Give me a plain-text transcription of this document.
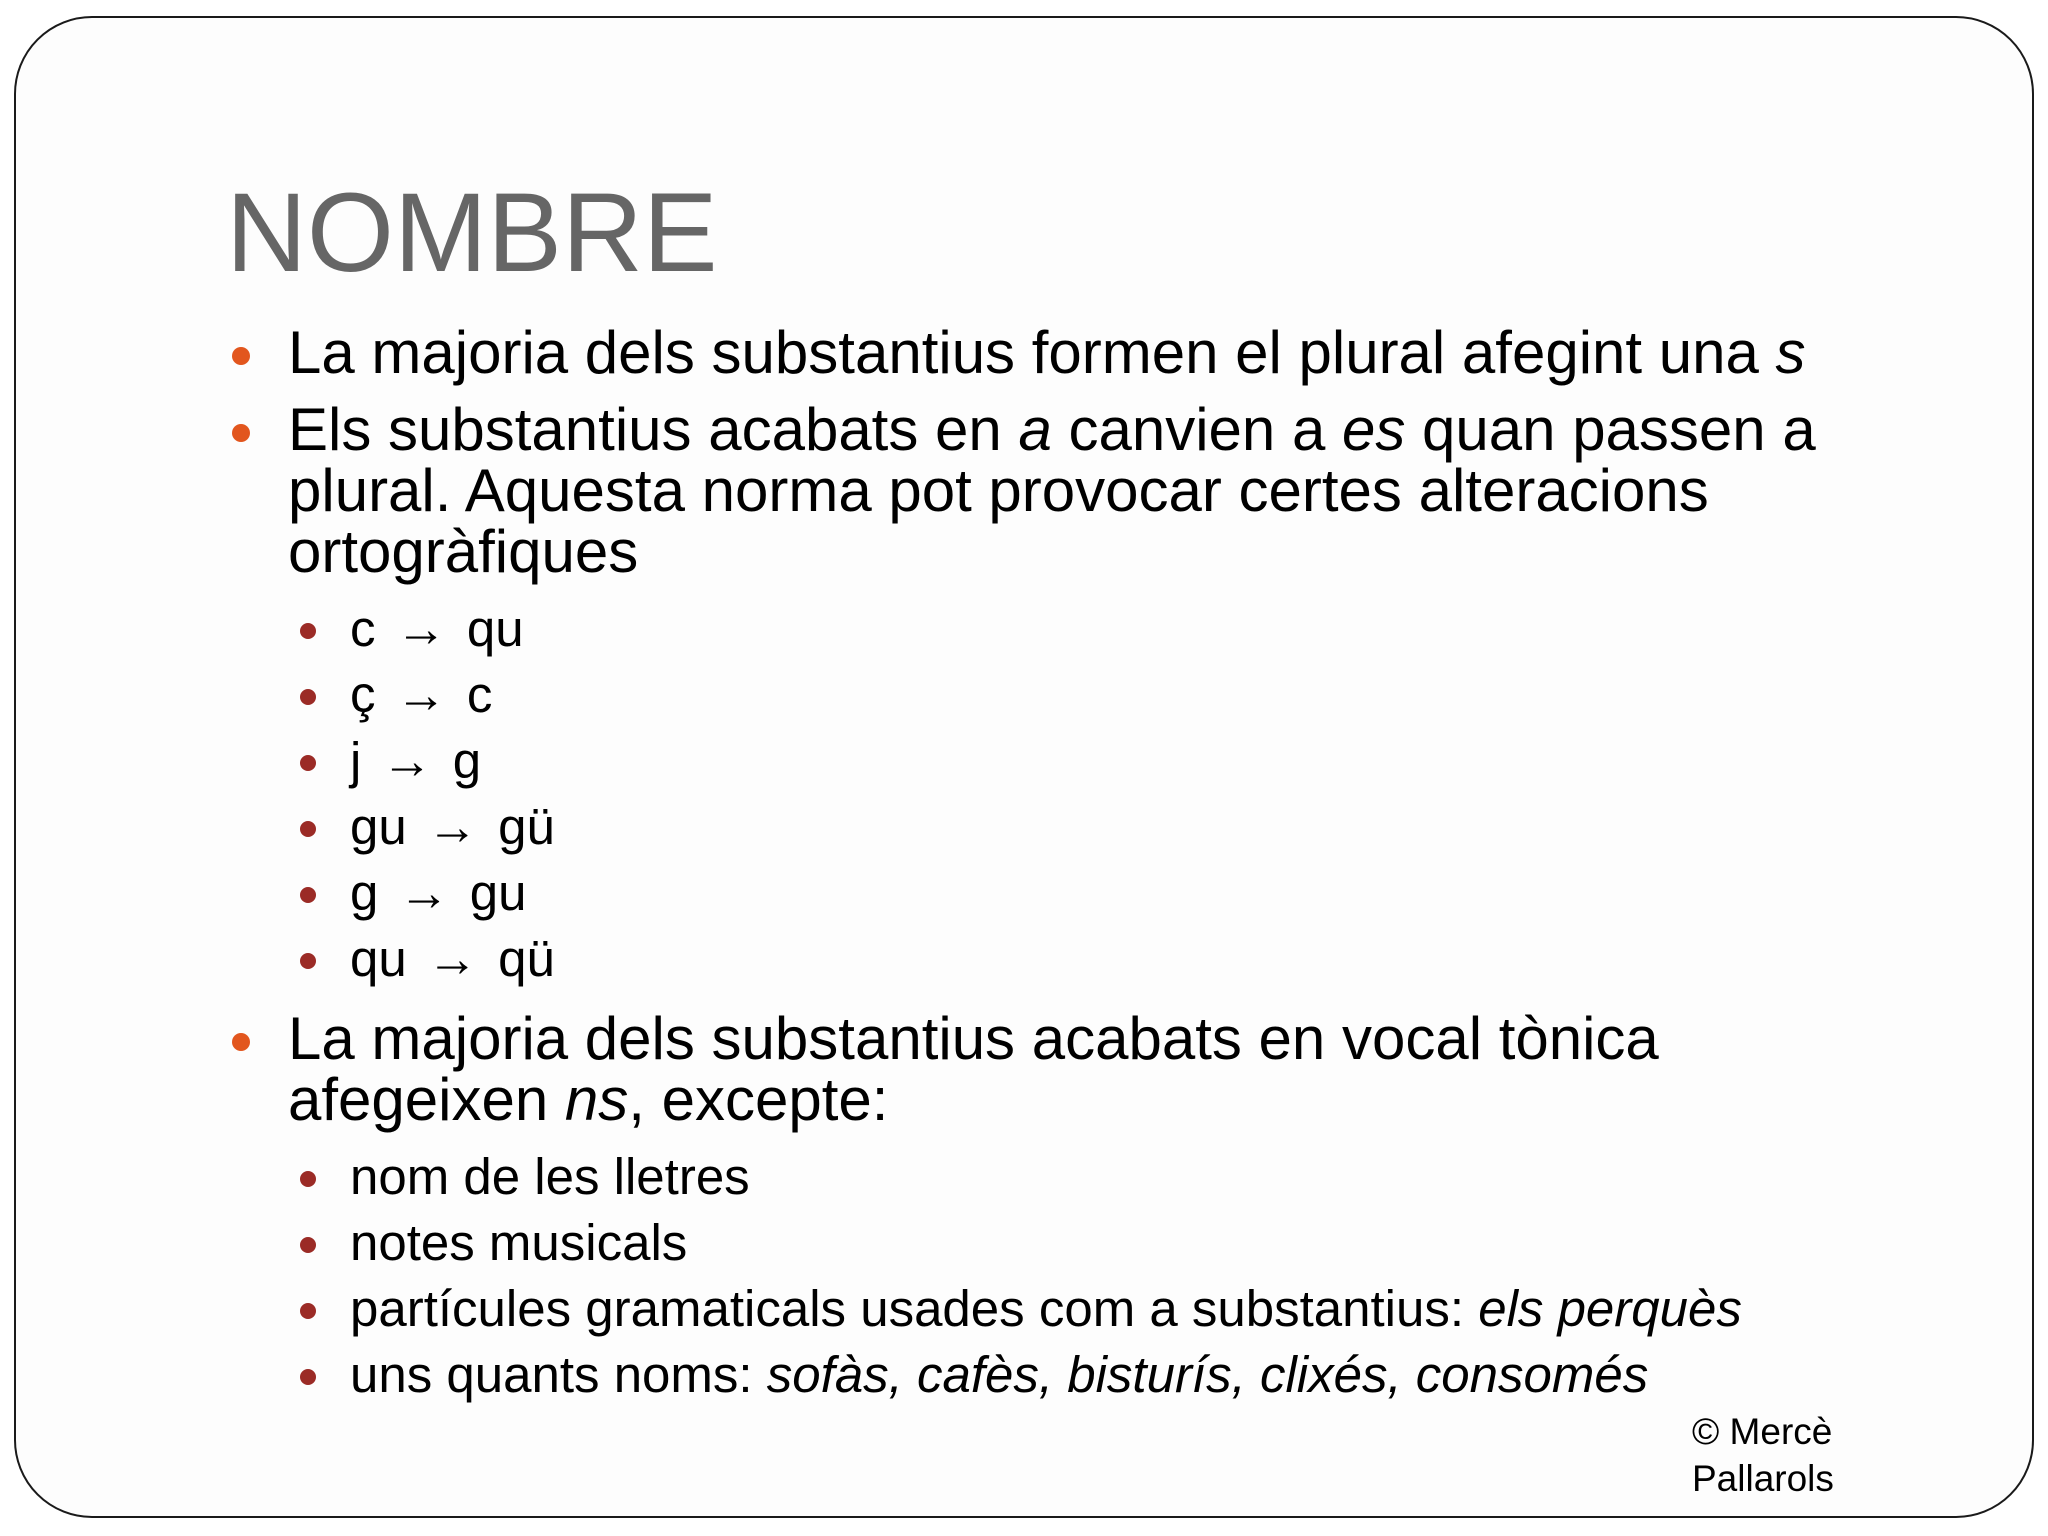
NOMBRE
La majoria dels substantius formen el plural afegint una s
Els substantius acabats en a canvien a es quan passen a plural. Aquesta norma pot provocar certes alteracions ortogràfiques
c → qu
ç → c
j → g
gu → gü
g → gu
qu → qü
La majoria dels substantius acabats en vocal tònica afegeixen ns, excepte:
nom de les lletres
notes musicals
partícules gramaticals usades com a substantius: els perquès
uns quants noms: sofàs, cafès, bisturís, clixés, consomés
© Mercè Pallarols
